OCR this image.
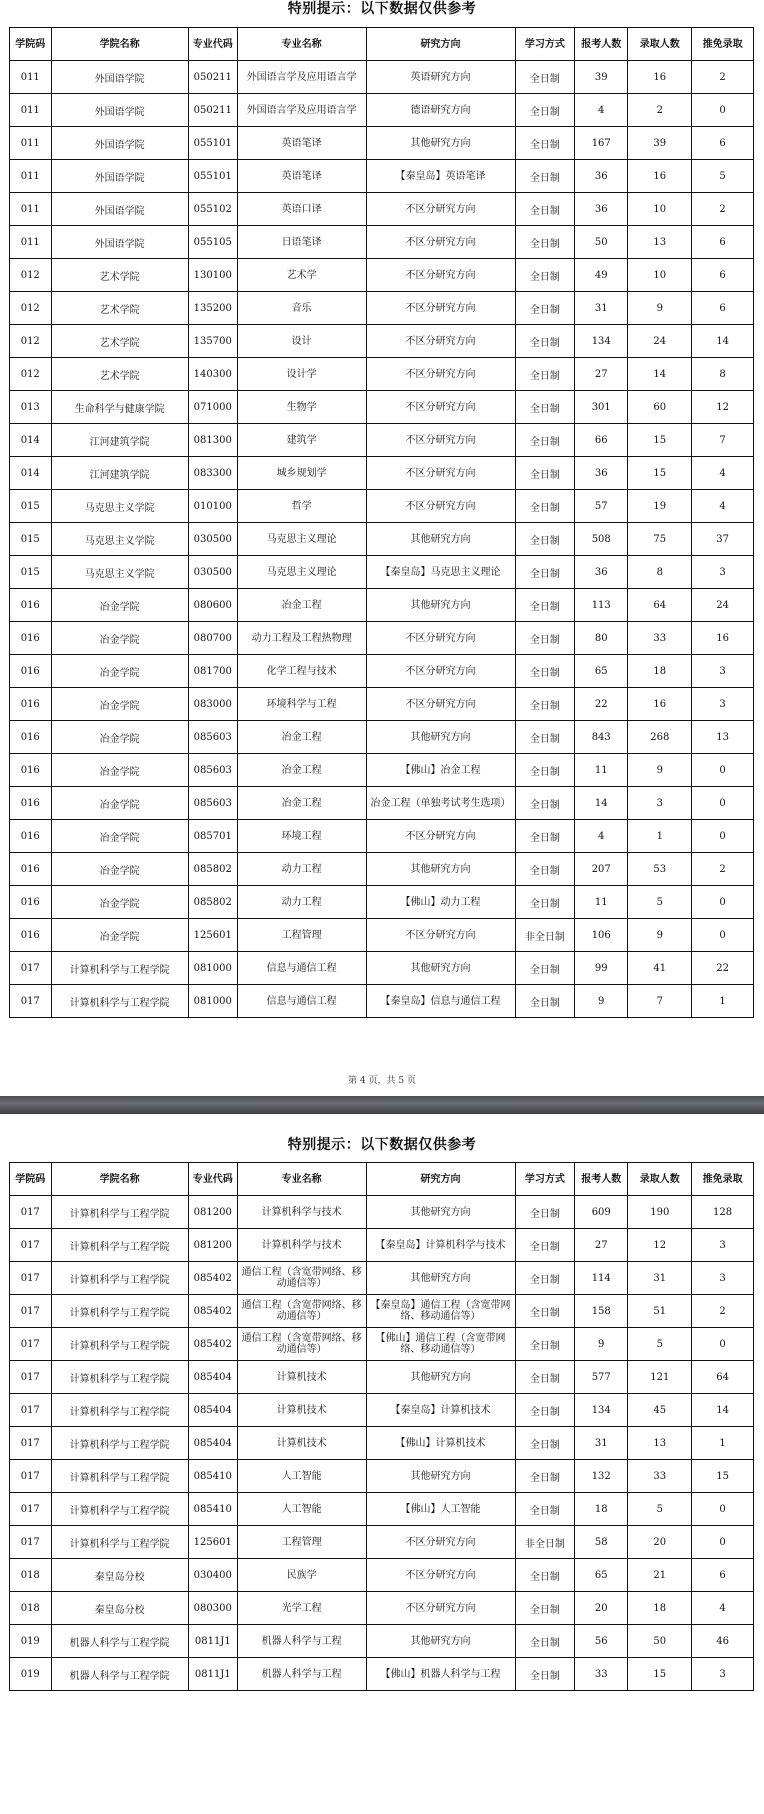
特别提示：以下数据仅供参考
学院码	学院名称	专业代码	专业名称	研究方向	学习方式	报考人数	录取人数	推免录取
011	外国语学院	050211	外国语言学及应用语言学	英语研究方向	全日制	39	16	2
011	外国语学院	050211	外国语言学及应用语言学	德语研究方向	全日制	4	2	0
011	外国语学院	055101	英语笔译	其他研究方向	全日制	167	39	6
011	外国语学院	055101	英语笔译	【秦皇岛】英语笔译	全日制	36	16	5
011	外国语学院	055102	英语口译	不区分研究方向	全日制	36	10	2
011	外国语学院	055105	日语笔译	不区分研究方向	全日制	50	13	6
012	艺术学院	130100	艺术学	不区分研究方向	全日制	49	10	6
012	艺术学院	135200	音乐	不区分研究方向	全日制	31	9	6
012	艺术学院	135700	设计	不区分研究方向	全日制	134	24	14
012	艺术学院	140300	设计学	不区分研究方向	全日制	27	14	8
013	生命科学与健康学院	071000	生物学	不区分研究方向	全日制	301	60	12
014	江河建筑学院	081300	建筑学	不区分研究方向	全日制	66	15	7
014	江河建筑学院	083300	城乡规划学	不区分研究方向	全日制	36	15	4
015	马克思主义学院	010100	哲学	不区分研究方向	全日制	57	19	4
015	马克思主义学院	030500	马克思主义理论	其他研究方向	全日制	508	75	37
015	马克思主义学院	030500	马克思主义理论	【秦皇岛】马克思主义理论	全日制	36	8	3
016	冶金学院	080600	冶金工程	其他研究方向	全日制	113	64	24
016	冶金学院	080700	动力工程及工程热物理	不区分研究方向	全日制	80	33	16
016	冶金学院	081700	化学工程与技术	不区分研究方向	全日制	65	18	3
016	冶金学院	083000	环境科学与工程	不区分研究方向	全日制	22	16	3
016	冶金学院	085603	冶金工程	其他研究方向	全日制	843	268	13
016	冶金学院	085603	冶金工程	【佛山】冶金工程	全日制	11	9	0
016	冶金学院	085603	冶金工程	冶金工程（单独考试考生选项）	全日制	14	3	0
016	冶金学院	085701	环境工程	不区分研究方向	全日制	4	1	0
016	冶金学院	085802	动力工程	其他研究方向	全日制	207	53	2
016	冶金学院	085802	动力工程	【佛山】动力工程	全日制	11	5	0
016	冶金学院	125601	工程管理	不区分研究方向	非全日制	106	9	0
017	计算机科学与工程学院	081000	信息与通信工程	其他研究方向	全日制	99	41	22
017	计算机科学与工程学院	081000	信息与通信工程	【秦皇岛】信息与通信工程	全日制	9	7	1
第 4 页，共 5 页
特别提示：以下数据仅供参考
学院码	学院名称	专业代码	专业名称	研究方向	学习方式	报考人数	录取人数	推免录取
017	计算机科学与工程学院	081200	计算机科学与技术	其他研究方向	全日制	609	190	128
017	计算机科学与工程学院	081200	计算机科学与技术	【秦皇岛】计算机科学与技术	全日制	27	12	3
017	计算机科学与工程学院	085402	通信工程（含宽带网络、移动通信等）	其他研究方向	全日制	114	31	3
017	计算机科学与工程学院	085402	通信工程（含宽带网络、移动通信等）	【秦皇岛】通信工程（含宽带网络、移动通信等）	全日制	158	51	2
017	计算机科学与工程学院	085402	通信工程（含宽带网络、移动通信等）	【佛山】通信工程（含宽带网络、移动通信等）	全日制	9	5	0
017	计算机科学与工程学院	085404	计算机技术	其他研究方向	全日制	577	121	64
017	计算机科学与工程学院	085404	计算机技术	【秦皇岛】计算机技术	全日制	134	45	14
017	计算机科学与工程学院	085404	计算机技术	【佛山】计算机技术	全日制	31	13	1
017	计算机科学与工程学院	085410	人工智能	其他研究方向	全日制	132	33	15
017	计算机科学与工程学院	085410	人工智能	【佛山】人工智能	全日制	18	5	0
017	计算机科学与工程学院	125601	工程管理	不区分研究方向	非全日制	58	20	0
018	秦皇岛分校	030400	民族学	不区分研究方向	全日制	65	21	6
018	秦皇岛分校	080300	光学工程	不区分研究方向	全日制	20	18	4
019	机器人科学与工程学院	0811J1	机器人科学与工程	其他研究方向	全日制	56	50	46
019	机器人科学与工程学院	0811J1	机器人科学与工程	【佛山】机器人科学与工程	全日制	33	15	3
